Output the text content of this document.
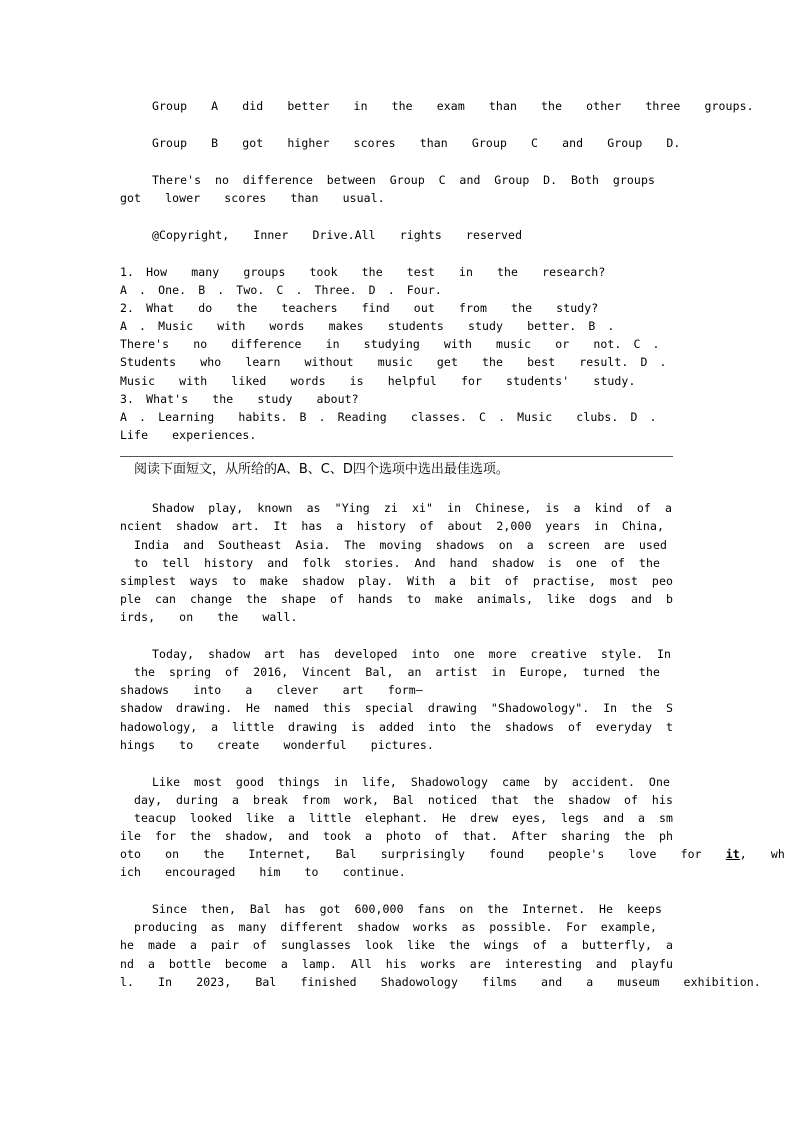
Group  A  did  better  in  the  exam  than  the  other  three  groups.
Group  B  got  higher  scores  than  Group  C  and  Group  D.
There's no difference between Group C and Group D. Both groups
got  lower  scores  than  usual.
@Copyright,  Inner  Drive.All  rights  reserved
1. How  many  groups  took  the  test  in  the  research?
A . One. B . Two. C . Three. D . Four.
2. What  do  the  teachers  find  out  from  the  study?
A . Music  with  words  makes  students  study  better. B .
There's  no  difference  in  studying  with  music  or  not. C .
Students  who  learn  without  music  get  the  best  result. D .
Music  with  liked  words  is  helpful  for  students'  study.
3. What's  the  study  about?
A . Learning  habits. B . Reading  classes. C . Music  clubs. D .
Life  experiences.
阅读下面短文，从所给的A、B、C、D四个选项中选出最佳选项。
Shadow play, known as "Ying zi xi" in Chinese, is a kind of a
ncient shadow art. It has a history of about 2,000 years in China,
India and Southeast Asia. The moving shadows on a screen are used
to tell history and folk stories. And hand shadow is one of the
simplest ways to make shadow play. With a bit of practise, most peo
ple can change the shape of hands to make animals, like dogs and b
irds,  on  the  wall.
Today, shadow art has developed into one more creative style. In
the spring of 2016, Vincent Bal, an artist in Europe, turned the
shadows  into  a  clever  art  form—
shadow drawing. He named this special drawing "Shadowology". In the S
hadowology, a little drawing is added into the shadows of everyday t
hings  to  create  wonderful  pictures.
Like most good things in life, Shadowology came by accident. One
day, during a break from work, Bal noticed that the shadow of his
teacup looked like a little elephant. He drew eyes, legs and a sm
ile for the shadow, and took a photo of that. After sharing the ph
oto  on  the  Internet,  Bal  surprisingly  found  people's  love  for  it,  wh
ich  encouraged  him  to  continue.
Since then, Bal has got 600,000 fans on the Internet. He keeps
producing as many different shadow works as possible. For example,
he made a pair of sunglasses look like the wings of a butterfly, a
nd a bottle become a lamp. All his works are interesting and playfu
l.  In  2023,  Bal  finished  Shadowology  films  and  a  museum  exhibition.
